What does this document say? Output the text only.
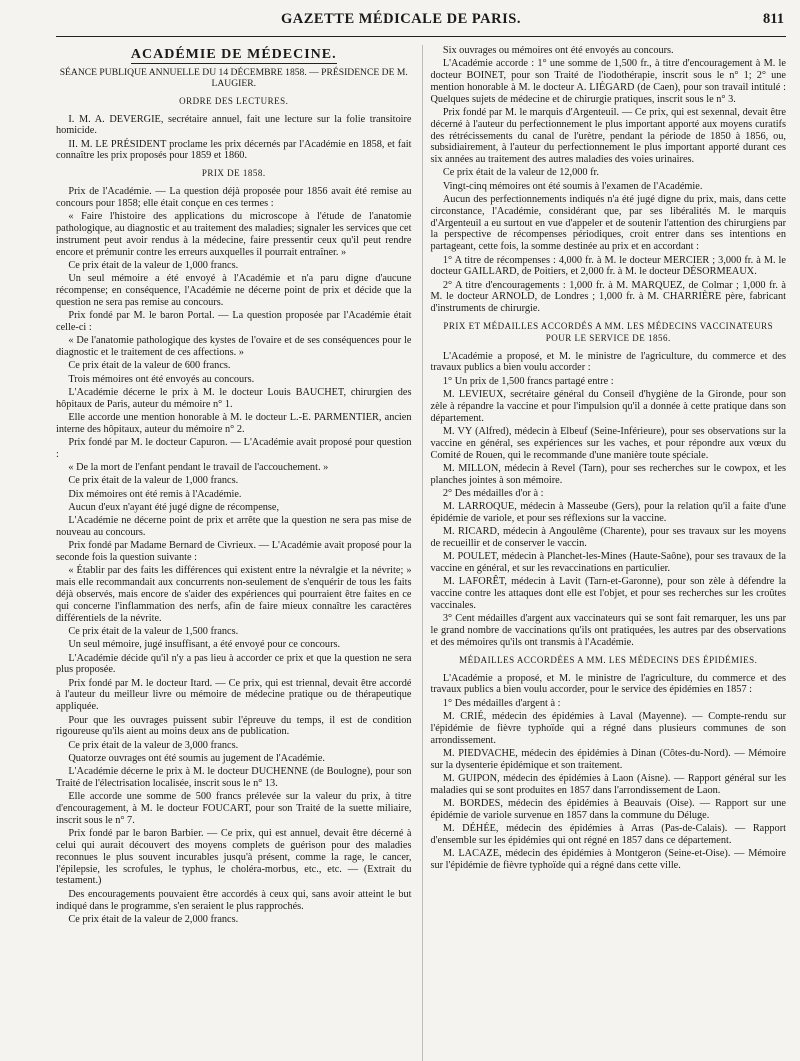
GAZETTE MÉDICALE DE PARIS.	811
ACADÉMIE DE MÉDECINE.
SÉANCE PUBLIQUE ANNUELLE DU 14 DÉCEMBRE 1858. — PRÉSIDENCE DE M. LAUGIER.
ORDRE DES LECTURES.

I. M. A. DEVERGIE, secrétaire annuel, fait une lecture sur la folie transitoire homicide.

II. M. LE PRÉSIDENT proclame les prix décernés par l'Académie en 1858, et fait connaître les prix proposés pour 1859 et 1860.

PRIX DE 1858.

Prix de l'Académie. — La question déjà proposée pour 1856 avait été remise au concours pour 1858; elle était conçue en ces termes :

« Faire l'histoire des applications du microscope à l'étude de l'anatomie pathologique, au diagnostic et au traitement des maladies; signaler les services que cet instrument peut avoir rendus à la médecine, faire pressentir ceux qu'il peut rendre encore et prémunir contre les erreurs auxquelles il pourrait entraîner. »

Ce prix était de la valeur de 1,000 francs.

Un seul mémoire a été envoyé à l'Académie et n'a paru digne d'aucune récompense; en conséquence, l'Académie ne décerne point de prix et décide que la question ne sera pas remise au concours.

Prix fondé par M. le baron Portal. — La question proposée par l'Académie était celle-ci :

« De l'anatomie pathologique des kystes de l'ovaire et de ses conséquences pour le diagnostic et le traitement de ces affections. »

Ce prix était de la valeur de 600 francs.

Trois mémoires ont été envoyés au concours.

L'Académie décerne le prix à M. le docteur Louis BAUCHET, chirurgien des hôpitaux de Paris, auteur du mémoire n° 1.

Elle accorde une mention honorable à M. le docteur L.-E. PARMENTIER, ancien interne des hôpitaux, auteur du mémoire n° 2.

Prix fondé par M. le docteur Capuron. — L'Académie avait proposé pour question :

« De la mort de l'enfant pendant le travail de l'accouchement. »

Ce prix était de la valeur de 1,000 francs.

Dix mémoires ont été remis à l'Académie.

Aucun d'eux n'ayant été jugé digne de récompense,

L'Académie ne décerne point de prix et arrête que la question ne sera pas mise de nouveau au concours.

Prix fondé par Madame Bernard de Civrieux. — L'Académie avait proposé pour la seconde fois la question suivante :

« Établir par des faits les différences qui existent entre la névralgie et la névrite; » mais elle recommandait aux concurrents non-seulement de s'enquérir de tous les faits déjà observés, mais encore de s'aider des expériences qui pourraient être faites en ce qui concerne l'inflammation des nerfs, afin de faire mieux connaître les caractères différentiels de la névrite.

Ce prix était de la valeur de 1,500 francs.

Un seul mémoire, jugé insuffisant, a été envoyé pour ce concours.

L'Académie décide qu'il n'y a pas lieu à accorder ce prix et que la question ne sera plus proposée.

Prix fondé par M. le docteur Itard. — Ce prix, qui est triennal, devait être accordé à l'auteur du meilleur livre ou mémoire de médecine pratique ou de thérapeutique appliquée.

Pour que les ouvrages puissent subir l'épreuve du temps, il est de condition rigoureuse qu'ils aient au moins deux ans de publication.

Ce prix était de la valeur de 3,000 francs.

Quatorze ouvrages ont été soumis au jugement de l'Académie.

L'Académie décerne le prix à M. le docteur DUCHENNE (de Boulogne), pour son Traité de l'électrisation localisée, inscrit sous le n° 13.

Elle accorde une somme de 500 francs prélevée sur la valeur du prix, à titre d'encouragement, à M. le docteur FOUCART, pour son Traité de la suette miliaire, inscrit sous le n° 7.

Prix fondé par le baron Barbier. — Ce prix, qui est annuel, devait être décerné à celui qui aurait découvert des moyens complets de guérison pour des maladies reconnues le plus souvent incurables jusqu'à présent, comme la rage, le cancer, l'épilepsie, les scrofules, le typhus, le choléra-morbus, etc., etc. — (Extrait du testament.)

Des encouragements pouvaient être accordés à ceux qui, sans avoir atteint le but indiqué dans le programme, s'en seraient le plus rapprochés.

Ce prix était de la valeur de 2,000 francs.

Six ouvrages ou mémoires ont été envoyés au concours.

L'Académie accorde : 1° une somme de 1,500 fr., à titre d'encouragement à M. le docteur BOINET, pour son Traité de l'iodothérapie, inscrit sous le n° 1; 2° une mention honorable à M. le docteur A. LIÉGARD (de Caen), pour son travail intitulé : Quelques sujets de médecine et de chirurgie pratiques, inscrit sous le n° 3.

Prix fondé par M. le marquis d'Argenteuil. — Ce prix, qui est sexennal, devait être décerné à l'auteur du perfectionnement le plus important apporté aux moyens curatifs des rétrécissements du canal de l'urètre, pendant la période de 1850 à 1856, ou, subsidiairement, à l'auteur du perfectionnement le plus important apporté durant ces six années au traitement des autres maladies des voies urinaires.

Ce prix était de la valeur de 12,000 fr.

Vingt-cinq mémoires ont été soumis à l'examen de l'Académie.

Aucun des perfectionnements indiqués n'a été jugé digne du prix, mais, dans cette circonstance, l'Académie, considérant que, par ses libéralités M. le marquis d'Argenteuil a eu surtout en vue d'appeler et de soutenir l'attention des chirurgiens par la perspective de récompenses périodiques, croit entrer dans ses intentions en partageant, cette fois, la somme destinée au prix et en accordant :

1° A titre de récompenses : 4,000 fr. à M. le docteur MERCIER ; 3,000 fr. à M. le docteur GAILLARD, de Poitiers, et 2,000 fr. à M. le docteur DÉSORMEAUX.

2° A titre d'encouragements : 1,000 fr. à M. MARQUEZ, de Colmar ; 1,000 fr. à M. le docteur ARNOLD, de Londres ; 1,000 fr. à M. CHARRIÈRE père, fabricant d'instruments de chirurgie.

PRIX ET MÉDAILLES ACCORDÉS A MM. LES MÉDECINS VACCINATEURS POUR LE SERVICE DE 1856.

L'Académie a proposé, et M. le ministre de l'agriculture, du commerce et des travaux publics a bien voulu accorder :

1° Un prix de 1,500 francs partagé entre :

M. LEVIEUX, secrétaire général du Conseil d'hygiène de la Gironde, pour son zèle à répandre la vaccine et pour l'impulsion qu'il a donnée à cette pratique dans son département.

M. VY (Alfred), médecin à Elbeuf (Seine-Inférieure), pour ses observations sur la vaccine en général, ses expériences sur les vaches, et pour répondre aux vœux du Comité de Rouen, qui le recommande d'une manière toute spéciale.

M. MILLON, médecin à Revel (Tarn), pour ses recherches sur le cowpox, et les planches jointes à son mémoire.

2° Des médailles d'or à :

M. LARROQUE, médecin à Masseube (Gers), pour la relation qu'il a faite d'une épidémie de variole, et pour ses réflexions sur la vaccine.

M. RICARD, médecin à Angoulême (Charente), pour ses travaux sur les moyens de recueillir et de conserver le vaccin.

M. POULET, médecin à Planchet-les-Mines (Haute-Saône), pour ses travaux de la vaccine en général, et sur les revaccinations en particulier.

M. LAFORÊT, médecin à Lavit (Tarn-et-Garonne), pour son zèle à défendre la vaccine contre les attaques dont elle est l'objet, et pour ses recherches sur les croûtes vaccinales.

3° Cent médailles d'argent aux vaccinateurs qui se sont fait remarquer, les uns par le grand nombre de vaccinations qu'ils ont pratiquées, les autres par des observations et des mémoires qu'ils ont transmis à l'Académie.

MÉDAILLES ACCORDÉES A MM. LES MÉDECINS DES ÉPIDÉMIES.

L'Académie a proposé, et M. le ministre de l'agriculture, du commerce et des travaux publics a bien voulu accorder, pour le service des épidémies en 1857 :

1° Des médailles d'argent à :

M. CRIÉ, médecin des épidémies à Laval (Mayenne). — Compte-rendu sur l'épidémie de fièvre typhoïde qui a régné dans plusieurs communes de son arrondissement.

M. PIEDVACHE, médecin des épidémies à Dinan (Côtes-du-Nord). — Mémoire sur la dysenterie épidémique et son traitement.

M. GUIPON, médecin des épidémies à Laon (Aisne). — Rapport général sur les maladies qui se sont produites en 1857 dans l'arrondissement de Laon.

M. BORDES, médecin des épidémies à Beauvais (Oise). — Rapport sur une épidémie de variole survenue en 1857 dans la commune du Déluge.

M. DÉHÉE, médecin des épidémies à Arras (Pas-de-Calais). — Rapport d'ensemble sur les épidémies qui ont régné en 1857 dans ce département.

M. LACAZE, médecin des épidémies à Montgeron (Seine-et-Oise). — Mémoire sur l'épidémie de fièvre typhoïde qui a régné dans cette ville.
